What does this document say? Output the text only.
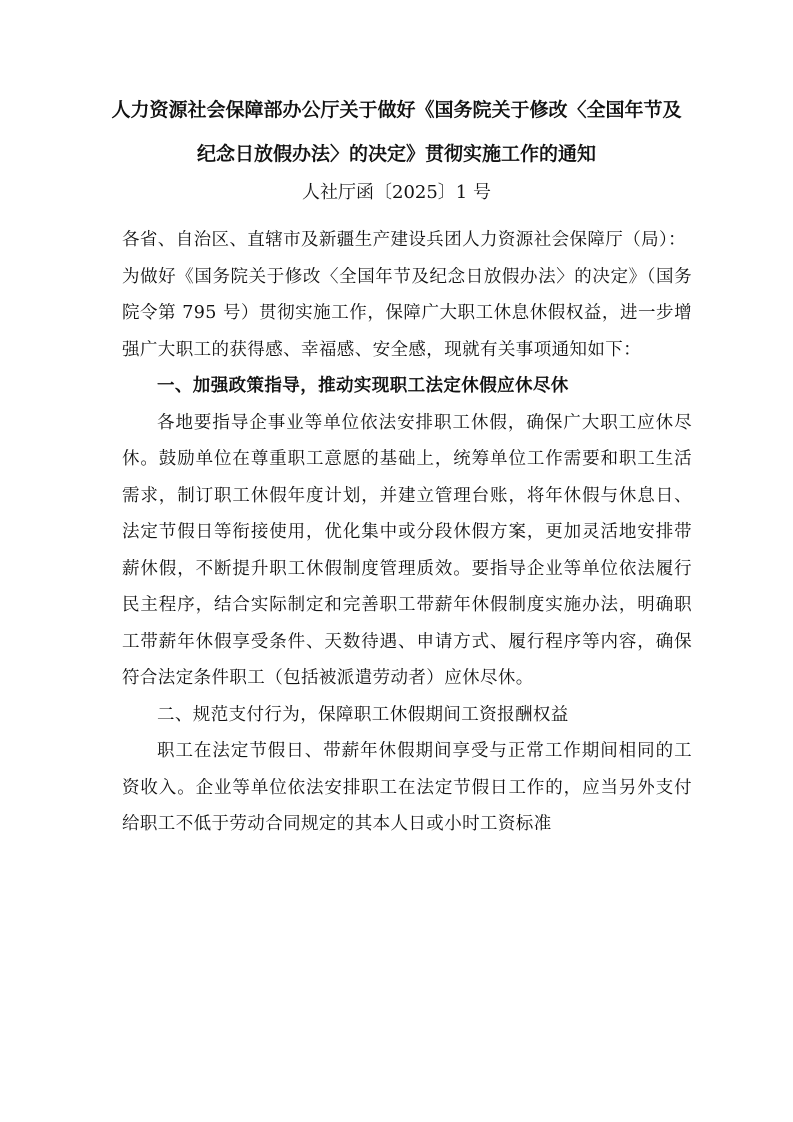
人力资源社会保障部办公厅关于做好《国务院关于修改〈全国年节及
纪念日放假办法〉的决定》贯彻实施工作的通知
人社厅函〔2025〕1 号

各省、自治区、直辖市及新疆生产建设兵团人力资源社会保障厅（局）：

为做好《国务院关于修改〈全国年节及纪念日放假办法〉的决定》（国务院令第 795 号）贯彻实施工作，保障广大职工休息休假权益，进一步增强广大职工的获得感、幸福感、安全感，现就有关事项通知如下：

一、加强政策指导，推动实现职工法定休假应休尽休

各地要指导企事业等单位依法安排职工休假，确保广大职工应休尽休。鼓励单位在尊重职工意愿的基础上，统筹单位工作需要和职工生活需求，制订职工休假年度计划，并建立管理台账，将年休假与休息日、法定节假日等衔接使用，优化集中或分段休假方案，更加灵活地安排带薪休假，不断提升职工休假制度管理质效。要指导企业等单位依法履行民主程序，结合实际制定和完善职工带薪年休假制度实施办法，明确职工带薪年休假享受条件、天数待遇、申请方式、履行程序等内容，确保符合法定条件职工（包括被派遣劳动者）应休尽休。

二、规范支付行为，保障职工休假期间工资报酬权益

职工在法定节假日、带薪年休假期间享受与正常工作期间相同的工资收入。企业等单位依法安排职工在法定节假日工作的，应当另外支付给职工不低于劳动合同规定的其本人日或小时工资标准
